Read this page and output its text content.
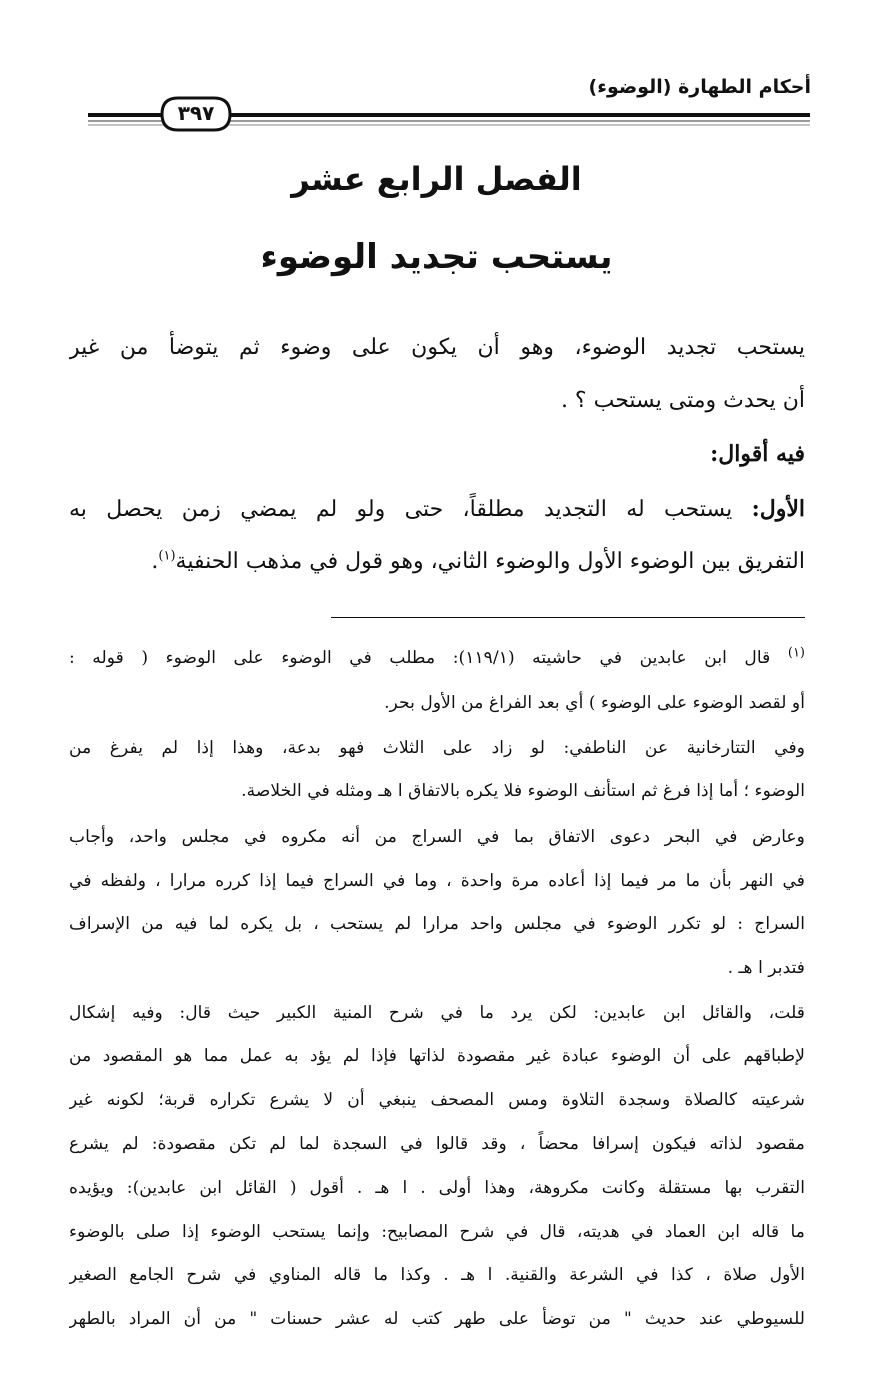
أحكام الطهارة (الوضوء)
٣٩٧
الفصل الرابع عشر
يستحب تجديد الوضوء
يستحب تجديد الوضوء، وهو أن يكون على وضوء ثم يتوضأ من غير
أن يحدث ومتى يستحب ؟ .
فيه أقوال:
الأول: يستحب له التجديد مطلقاً، حتى ولو لم يمضي زمن يحصل به
التفريق بين الوضوء الأول والوضوء الثاني، وهو قول في مذهب الحنفية$^{(١)}$.
$^{(١)}$ قال ابن عابدين في حاشيته (١١٩/١): مطلب في الوضوء على الوضوء ( قوله :
أو لقصد الوضوء على الوضوء ) أي بعد الفراغ من الأول بحر.
وفي التتارخانية عن الناطفي: لو زاد على الثلاث فهو بدعة، وهذا إذا لم يفرغ من
الوضوء ؛ أما إذا فرغ ثم استأنف الوضوء فلا يكره بالاتفاق ا هـ ومثله في الخلاصة.
وعارض في البحر دعوى الاتفاق بما في السراج من أنه مكروه في مجلس واحد، وأجاب
في النهر بأن ما مر فيما إذا أعاده مرة واحدة ، وما في السراج فيما إذا كرره مرارا ، ولفظه في
السراج : لو تكرر الوضوء في مجلس واحد مرارا لم يستحب ، بل يكره لما فيه من الإسراف
فتدبر ا هـ .
قلت، والقائل ابن عابدين: لكن يرد ما في شرح المنية الكبير حيث قال: وفيه إشكال
لإطباقهم على أن الوضوء عبادة غير مقصودة لذاتها فإذا لم يؤد به عمل مما هو المقصود من
شرعيته كالصلاة وسجدة التلاوة ومس المصحف ينبغي أن لا يشرع تكراره قربة؛ لكونه غير
مقصود لذاته فيكون إسرافا محضاً ، وقد قالوا في السجدة لما لم تكن مقصودة: لم يشرع
التقرب بها مستقلة وكانت مكروهة، وهذا أولى . ا هـ . أقول ( القائل ابن عابدين): ويؤيده
ما قاله ابن العماد في هديته، قال في شرح المصابيح: وإنما يستحب الوضوء إذا صلى بالوضوء
الأول صلاة ، كذا في الشرعة والقنية. ا هـ . وكذا ما قاله المناوي في شرح الجامع الصغير
للسيوطي عند حديث " من توضأ على طهر كتب له عشر حسنات " من أن المراد بالطهر
